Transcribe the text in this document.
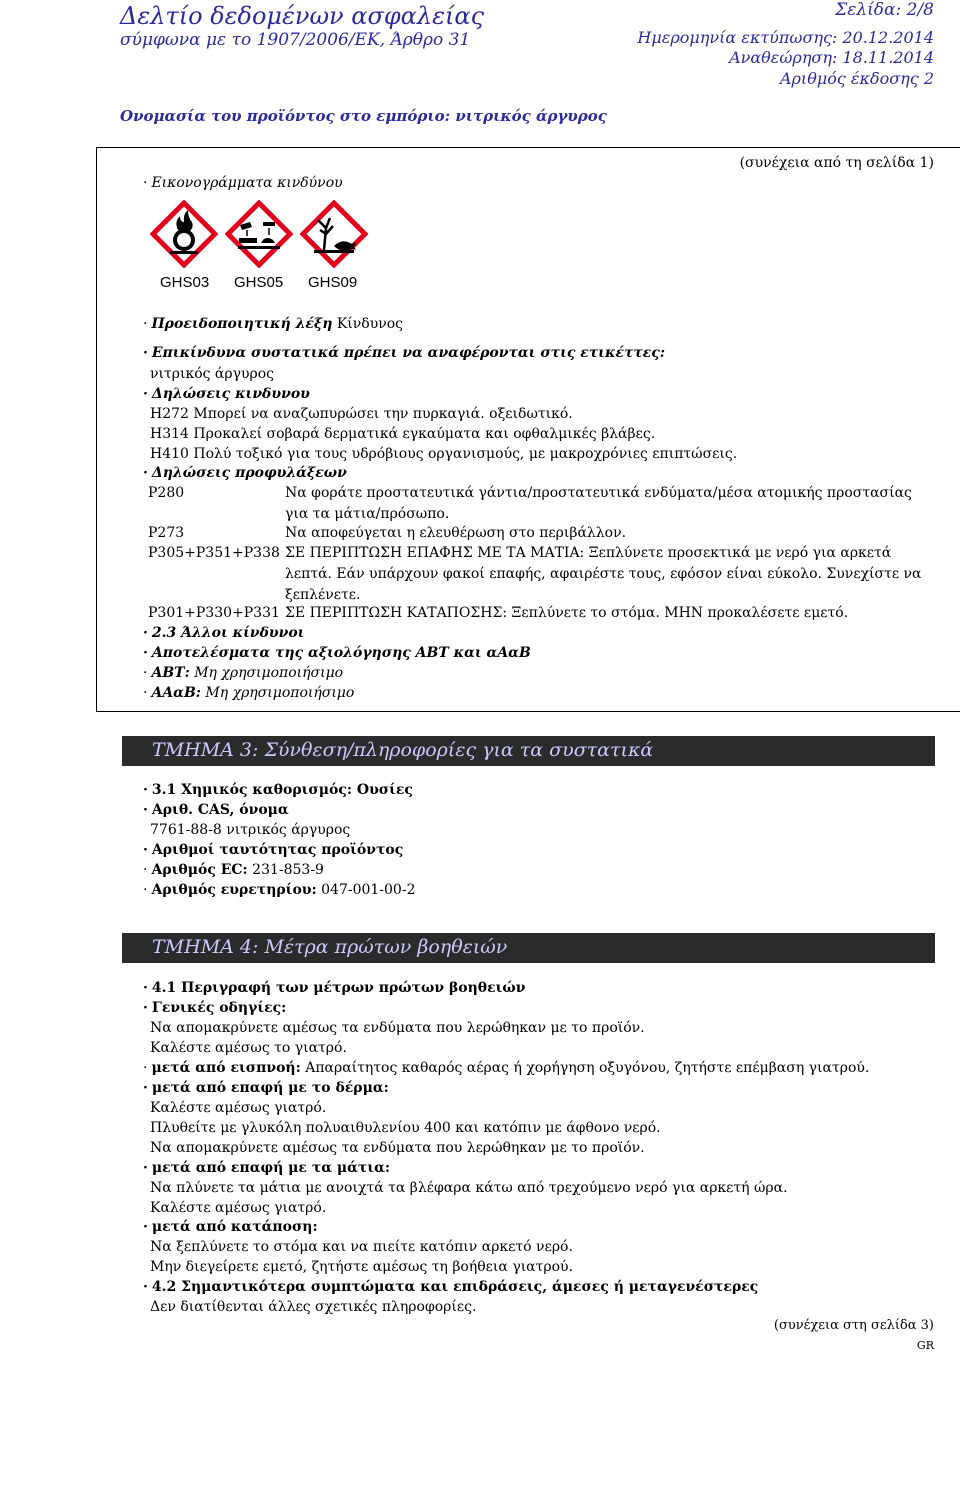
Δελτίο δεδομένων ασφαλείας
σύμφωνα με το 1907/2006/ΕΚ, Άρθρο 31
Σελίδα: 2/8
Ημερομηνία εκτύπωσης: 20.12.2014
Αναθεώρηση: 18.11.2014
Αριθμός έκδοσης 2
Ονομασία του προϊόντος στο εμπόριο: νιτρικός άργυρος
(συνέχεια από τη σελίδα 1)
· Εικονογράμματα κινδύνου
GHS03 GHS05 GHS09
· Προειδοποιητική λέξη Κίνδυνος
· Επικίνδυνα συστατικά πρέπει να αναφέρονται στις ετικέττες:
νιτρικός άργυρος
· Δηλώσεις κινδυνου
H272 Μπορεί να αναζωπυρώσει την πυρκαγιά. οξειδωτικό.
H314 Προκαλεί σοβαρά δερματικά εγκαύματα και οφθαλμικές βλάβες.
H410 Πολύ τοξικό για τους υδρόβιους οργανισμούς, με μακροχρόνιες επιπτώσεις.
· Δηλώσεις προφυλάξεων
P280	Να φοράτε προστατευτικά γάντια/προστατευτικά ενδύματα/μέσα ατομικής προστασίας για τα μάτια/πρόσωπο.
P273	Να αποφεύγεται η ελευθέρωση στο περιβάλλον.
P305+P351+P338 ΣΕ ΠΕΡΙΠΤΩΣΗ ΕΠΑΦΗΣ ΜΕ ΤΑ ΜΑΤΙΑ: Ξεπλύνετε προσεκτικά με νερό για αρκετά λεπτά. Εάν υπάρχουν φακοί επαφής, αφαιρέστε τους, εφόσον είναι εύκολο. Συνεχίστε να ξεπλένετε.
P301+P330+P331 ΣΕ ΠΕΡΙΠΤΩΣΗ ΚΑΤΑΠΟΣΗΣ: Ξεπλύνετε το στόμα. ΜΗΝ προκαλέσετε εμετό.
· 2.3 Άλλοι κίνδυνοι
· Αποτελέσματα της αξιολόγησης ΑΒΤ και αΑαΒ
· ΑΒΤ: Μη χρησιμοποιήσιμο
· ΑΑαΒ: Μη χρησιμοποιήσιμο
ΤΜΗΜΑ 3: Σύνθεση/πληροφορίες για τα συστατικά
· 3.1 Χημικός καθορισμός: Ουσίες
· Αριθ. CAS, όνομα
7761-88-8 νιτρικός άργυρος
· Αριθμοί ταυτότητας προϊόντος
· Αριθμός EC: 231-853-9
· Αριθμός ευρετηρίου: 047-001-00-2
ΤΜΗΜΑ 4: Μέτρα πρώτων βοηθειών
· 4.1 Περιγραφή των μέτρων πρώτων βοηθειών
· Γενικές οδηγίες:
Να απομακρύνετε αμέσως τα ενδύματα που λερώθηκαν με το προϊόν.
Καλέστε αμέσως το γιατρό.
· μετά από εισπνοή: Απαραίτητος καθαρός αέρας ή χορήγηση οξυγόνου, ζητήστε επέμβαση γιατρού.
· μετά από επαφή με το δέρμα:
Καλέστε αμέσως γιατρό.
Πλυθείτε με γλυκόλη πολυαιθυλενίου 400 και κατόπιν με άφθονο νερό.
Να απομακρύνετε αμέσως τα ενδύματα που λερώθηκαν με το προϊόν.
· μετά από επαφή με τα μάτια:
Να πλύνετε τα μάτια με ανοιχτά τα βλέφαρα κάτω από τρεχούμενο νερό για αρκετή ώρα.
Καλέστε αμέσως γιατρό.
· μετά από κατάποση:
Να ξεπλύνετε το στόμα και να πιείτε κατόπιν αρκετό νερό.
Μην διεγείρετε εμετό, ζητήστε αμέσως τη βοήθεια γιατρού.
· 4.2 Σημαντικότερα συμπτώματα και επιδράσεις, άμεσες ή μεταγενέστερες
Δεν διατίθενται άλλες σχετικές πληροφορίες.
(συνέχεια στη σελίδα 3)
GR
